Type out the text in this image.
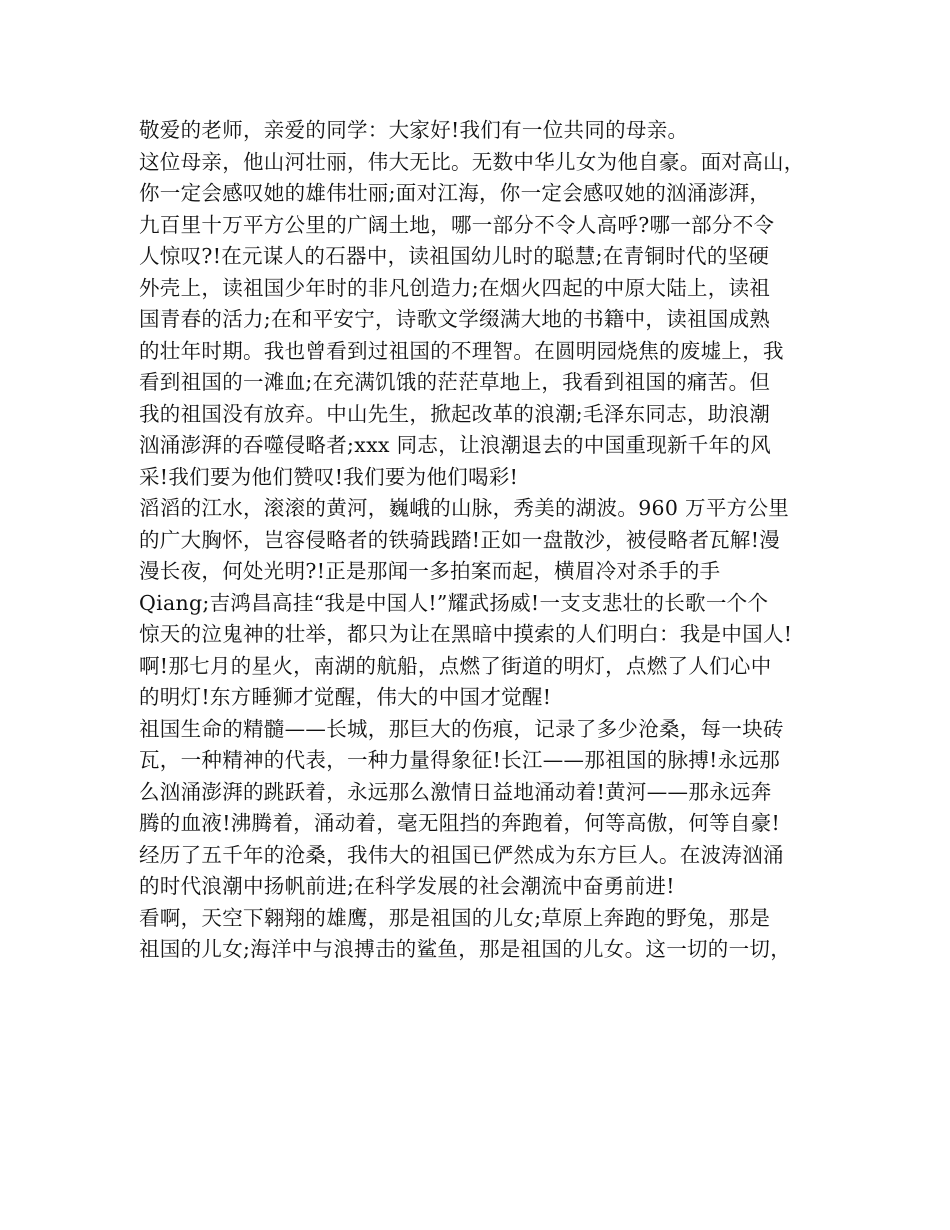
敬爱的老师，亲爱的同学：大家好!我们有一位共同的母亲。
这位母亲，他山河壮丽，伟大无比。无数中华儿女为他自豪。面对高山，
你一定会感叹她的雄伟壮丽;面对江海，你一定会感叹她的汹涌澎湃，
九百里十万平方公里的广阔土地，哪一部分不令人高呼?哪一部分不令
人惊叹?!在元谋人的石器中，读祖国幼儿时的聪慧;在青铜时代的坚硬
外壳上，读祖国少年时的非凡创造力;在烟火四起的中原大陆上，读祖
国青春的活力;在和平安宁，诗歌文学缀满大地的书籍中，读祖国成熟
的壮年时期。我也曾看到过祖国的不理智。在圆明园烧焦的废墟上，我
看到祖国的一滩血;在充满饥饿的茫茫草地上，我看到祖国的痛苦。但
我的祖国没有放弃。中山先生，掀起改革的浪潮;毛泽东同志，助浪潮
汹涌澎湃的吞噬侵略者;xxx 同志，让浪潮退去的中国重现新千年的风
采!我们要为他们赞叹!我们要为他们喝彩!
滔滔的江水，滚滚的黄河，巍峨的山脉，秀美的湖波。960 万平方公里
的广大胸怀，岂容侵略者的铁骑践踏!正如一盘散沙，被侵略者瓦解!漫
漫长夜，何处光明?!正是那闻一多拍案而起，横眉冷对杀手的手
Qiang;吉鸿昌高挂“我是中国人!”耀武扬威!一支支悲壮的长歌一个个
惊天的泣鬼神的壮举，都只为让在黑暗中摸索的人们明白：我是中国人!
啊!那七月的星火，南湖的航船，点燃了街道的明灯，点燃了人们心中
的明灯!东方睡狮才觉醒，伟大的中国才觉醒!
祖国生命的精髓——长城，那巨大的伤痕，记录了多少沧桑，每一块砖
瓦，一种精神的代表，一种力量得象征!长江——那祖国的脉搏!永远那
么汹涌澎湃的跳跃着，永远那么激情日益地涌动着!黄河——那永远奔
腾的血液!沸腾着，涌动着，毫无阻挡的奔跑着，何等高傲，何等自豪!
经历了五千年的沧桑，我伟大的祖国已俨然成为东方巨人。在波涛汹涌
的时代浪潮中扬帆前进;在科学发展的社会潮流中奋勇前进!
看啊，天空下翱翔的雄鹰，那是祖国的儿女;草原上奔跑的野兔，那是
祖国的儿女;海洋中与浪搏击的鲨鱼，那是祖国的儿女。这一切的一切，
